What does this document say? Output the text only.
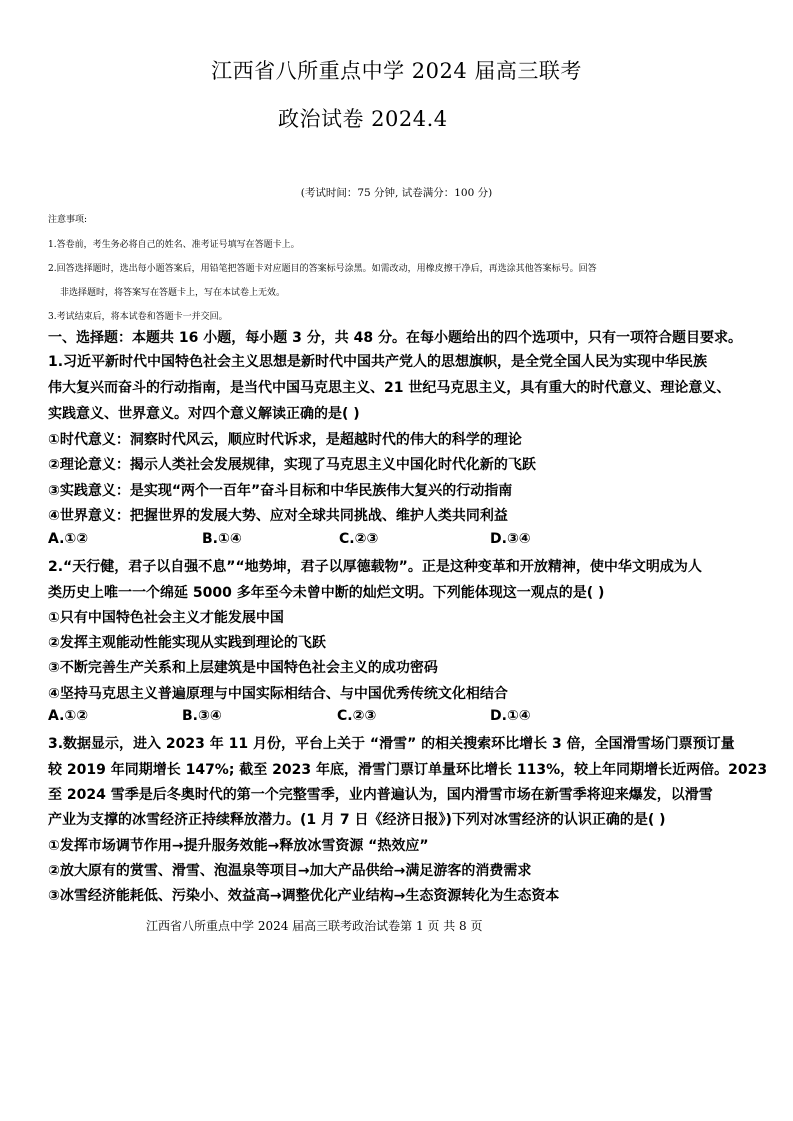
江西省八所重点中学 2024 届高三联考
政治试卷 2024.4
(考试时间：75 分钟, 试卷满分：100 分)
注意事项:
1.答卷前，考生务必将自己的姓名、准考证号填写在答题卡上。
2.回答选择题时，选出每小题答案后，用铅笔把答题卡对应题目的答案标号涂黑。如需改动，用橡皮擦干净后，再选涂其他答案标号。回答
非选择题时，将答案写在答题卡上，写在本试卷上无效。
3.考试结束后，将本试卷和答题卡一并交回。
一、选择题：本题共 16 小题，每小题 3 分，共 48 分。在每小题给出的四个选项中，只有一项符合题目要求。
1.习近平新时代中国特色社会主义思想是新时代中国共产党人的思想旗帜，是全党全国人民为实现中华民族
伟大复兴而奋斗的行动指南，是当代中国马克思主义、21 世纪马克思主义，具有重大的时代意义、理论意义、
实践意义、世界意义。对四个意义解读正确的是( )
①时代意义：洞察时代风云，顺应时代诉求，是超越时代的伟大的科学的理论
②理论意义：揭示人类社会发展规律，实现了马克思主义中国化时代化新的飞跃
③实践意义：是实现“两个一百年”奋斗目标和中华民族伟大复兴的行动指南
④世界意义：把握世界的发展大势、应对全球共同挑战、维护人类共同利益
A.①②	B.①④	C.②③	D.③④
2.“天行健，君子以自强不息”“地势坤，君子以厚德载物”。正是这种变革和开放精神，使中华文明成为人
类历史上唯一一个绵延 5000 多年至今未曾中断的灿烂文明。下列能体现这一观点的是( )
①只有中国特色社会主义才能发展中国
②发挥主观能动性能实现从实践到理论的飞跃
③不断完善生产关系和上层建筑是中国特色社会主义的成功密码
④坚持马克思主义普遍原理与中国实际相结合、与中国优秀传统文化相结合
A.①②	B.③④	C.②③	D.①④
3.数据显示，进入 2023 年 11 月份，平台上关于 “滑雪” 的相关搜索环比增长 3 倍，全国滑雪场门票预订量
较 2019 年同期增长 147%; 截至 2023 年底，滑雪门票订单量环比增长 113%，较上年同期增长近两倍。2023
至 2024 雪季是后冬奥时代的第一个完整雪季，业内普遍认为，国内滑雪市场在新雪季将迎来爆发，以滑雪
产业为支撑的冰雪经济正持续释放潜力。(1 月 7 日《经济日报》)下列对冰雪经济的认识正确的是( )
①发挥市场调节作用→提升服务效能→释放冰雪资源 “热效应”
②放大原有的赏雪、滑雪、泡温泉等项目→加大产品供给→满足游客的消费需求
③冰雪经济能耗低、污染小、效益高→调整优化产业结构→生态资源转化为生态资本
江西省八所重点中学 2024 届高三联考政治试卷第 1 页 共 8 页
